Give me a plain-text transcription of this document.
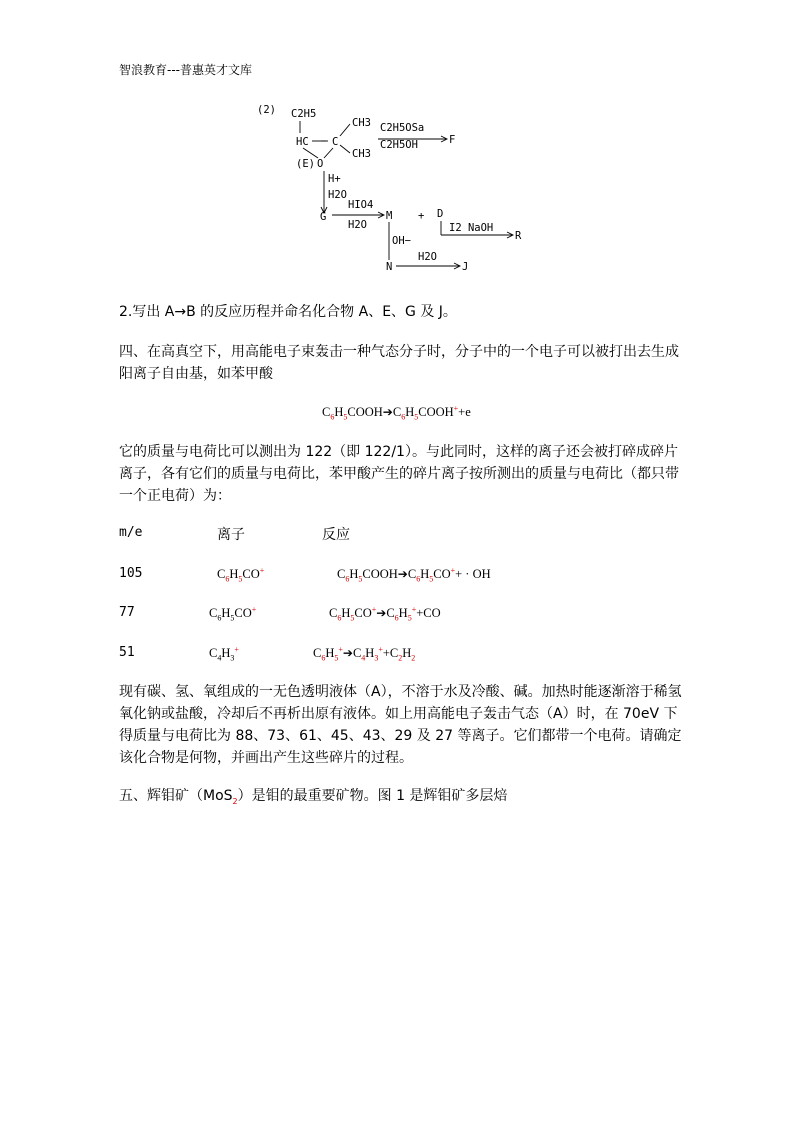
智浪教育---普惠英才文库
(2) C2H5
HC C
CH3
CH3
(E) O
C2H5OSa
C2H5OH	F
H+
H2O
G
HIO4
H2O
M + D
I2 NaOH
R
OH−
N
H2O
J
2.写出 A→B 的反应历程并命名化合物 A、E、G 及 J。
四、在高真空下，用高能电子束轰击一种气态分子时，分子中的一个电子可以被打出去生成阳离子自由基，如苯甲酸
$C_6H_5COOH➔C_6H_5COOH^++e$
它的质量与电荷比可以测出为 122（即 122/1）。与此同时，这样的离子还会被打碎成碎片离子，各有它们的质量与电荷比，苯甲酸产生的碎片离子按所测出的质量与电荷比（都只带一个正电荷）为：
m/e	离子	反应
105	$C_6H_5CO^+$	$C_6H_5COOH➔C_6H_5CO^++$ · OH
77	$C_6H_5CO^+$	$C_6H_5CO^+➔C_6H_5^++CO$
51	$C_4H_3^+$	$C_6H_5^+➔C_4H_3^++C_2H_2$
现有碳、氢、氧组成的一无色透明液体（A），不溶于水及冷酸、碱。加热时能逐渐溶于稀氢氧化钠或盐酸，冷却后不再析出原有液体。如上用高能电子轰击气态（A）时，在 70eV 下得质量与电荷比为 88、73、61、45、43、29 及 27 等离子。它们都带一个电荷。请确定该化合物是何物，并画出产生这些碎片的过程。
五、辉钼矿（MoS$_2$）是钼的最重要矿物。图 1 是辉钼矿多层焙
